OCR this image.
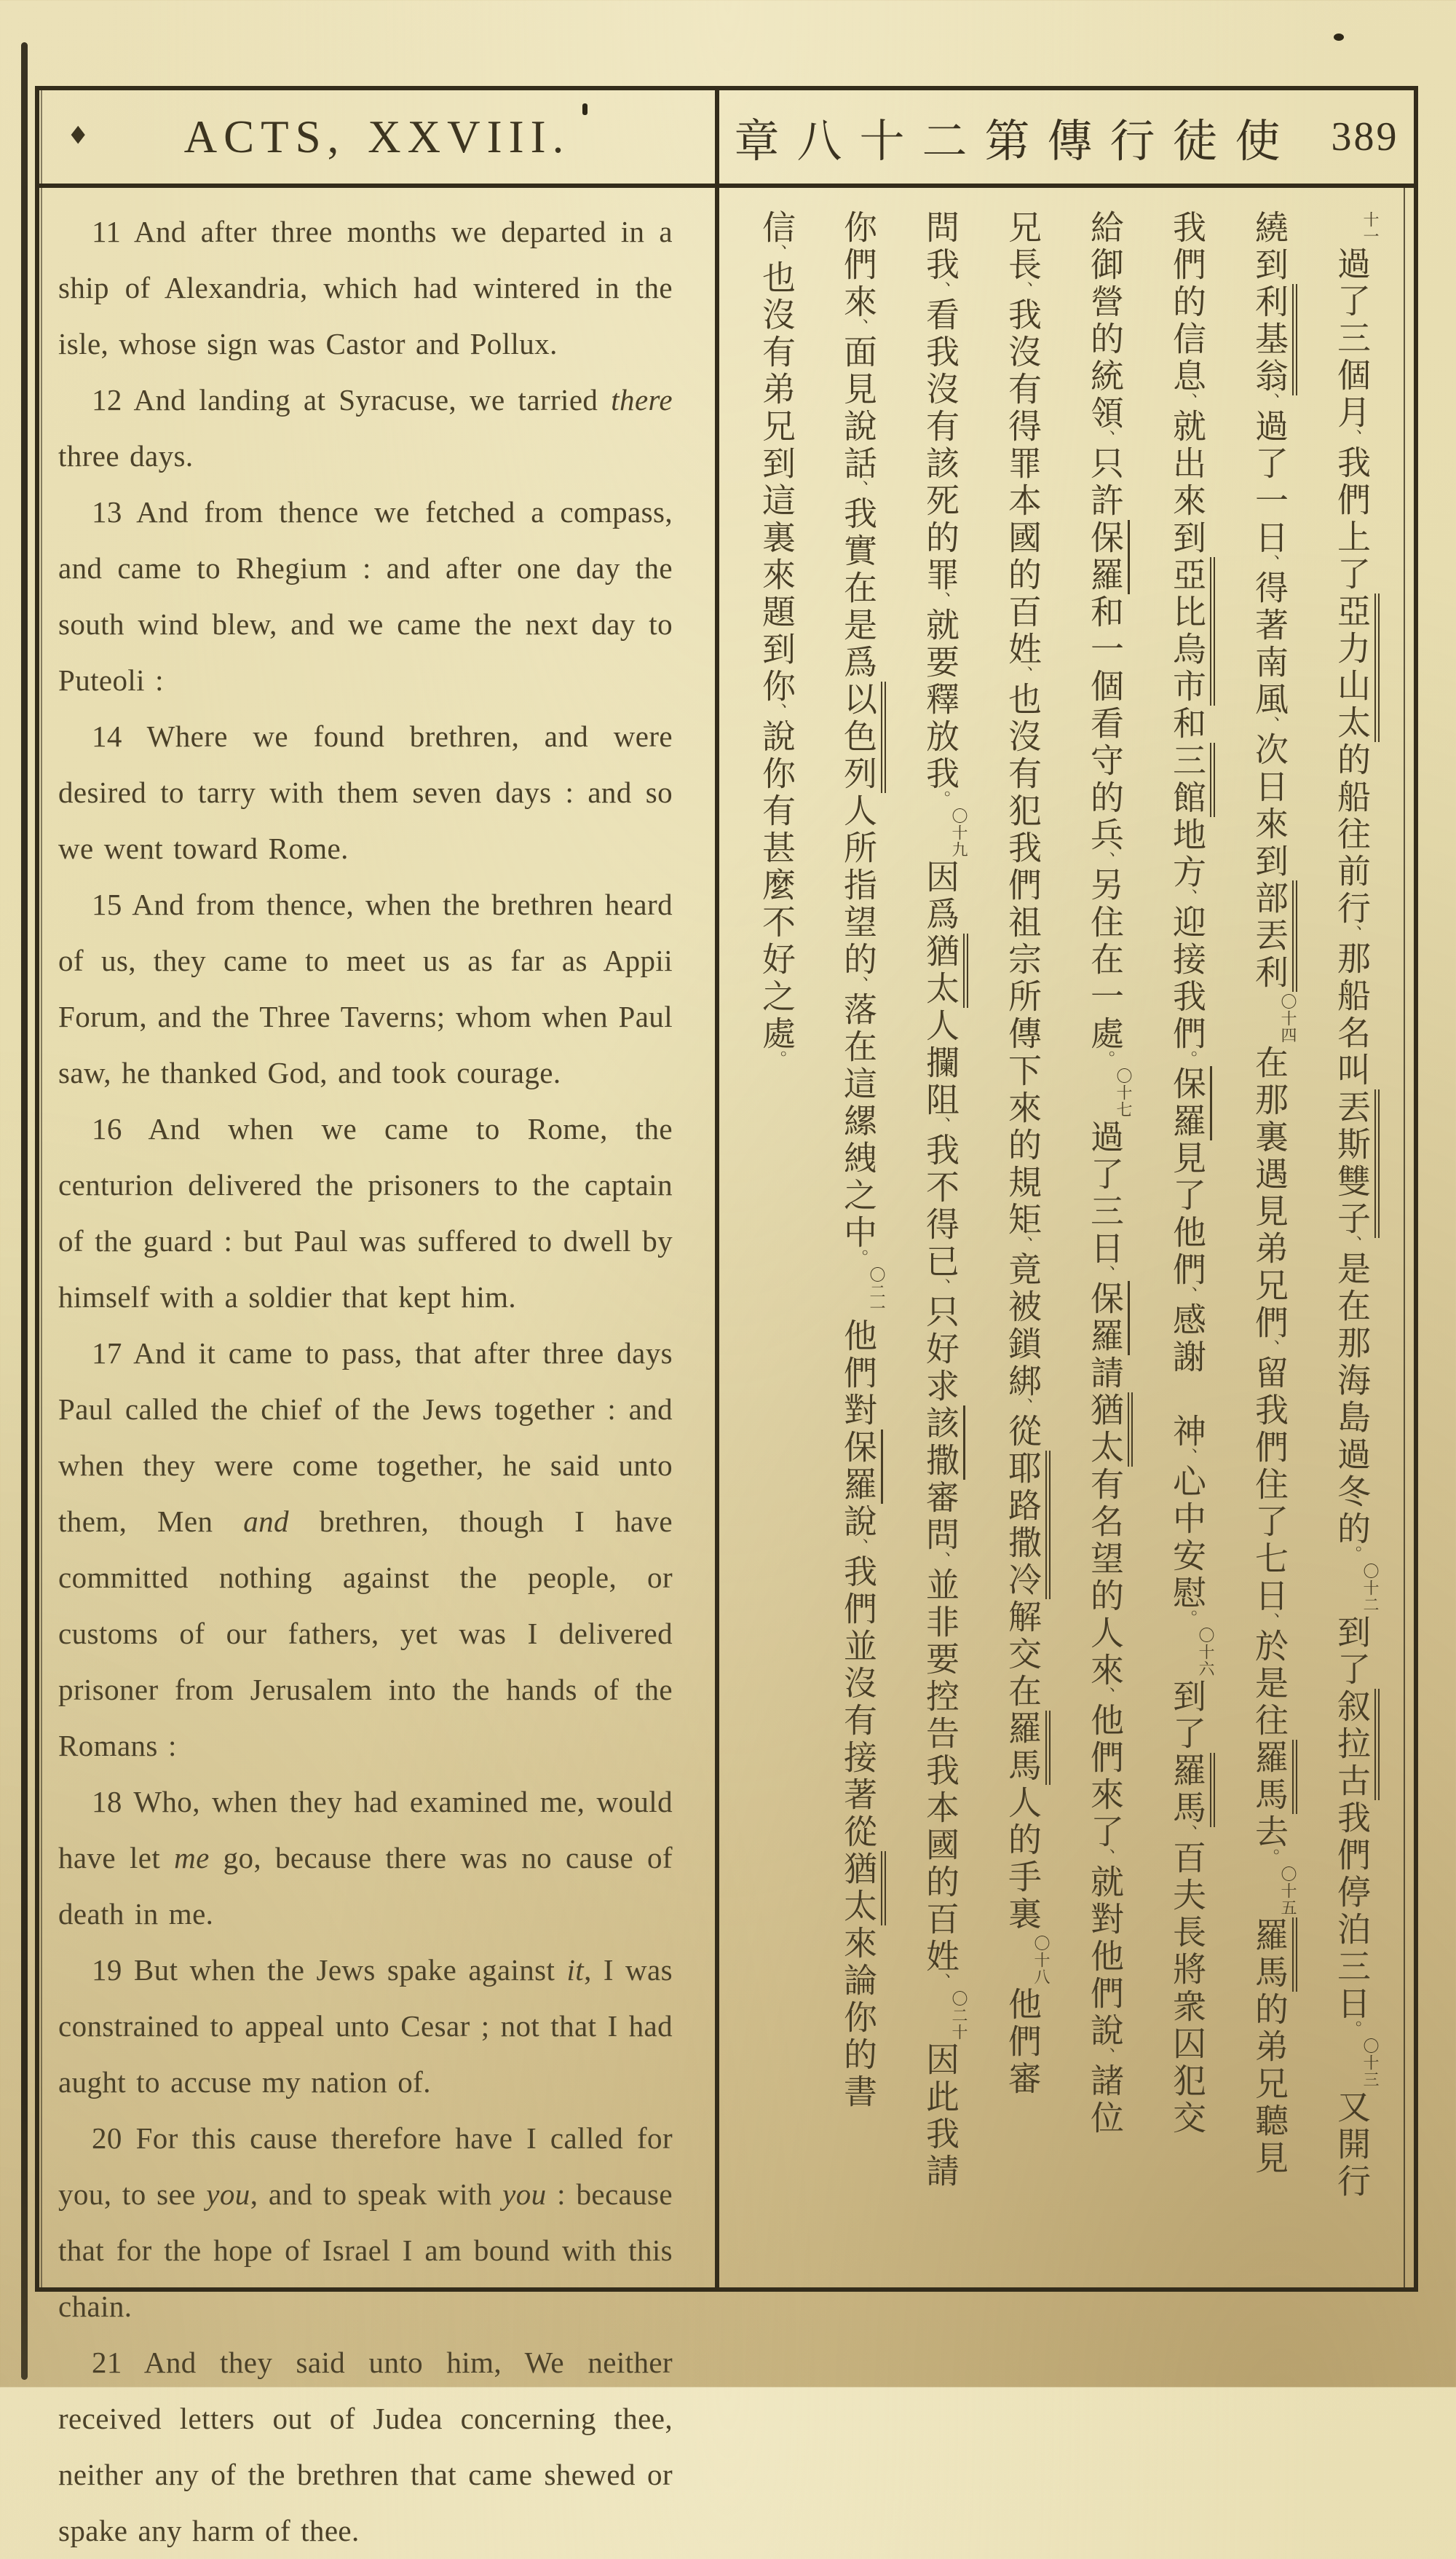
♦ ACTS, XXVIII.	章八十二第傳行徒使 389

11 And after three months we departed in a ship of Alexandria, which had wintered in the isle, whose sign was Castor and Pollux.

12 And landing at Syracuse, we tarried there three days.

13 And from thence we fetched a compass, and came to Rhegium : and after one day the south wind blew, and we came the next day to Puteoli :

14 Where we found brethren, and were desired to tarry with them seven days : and so we went toward Rome.

15 And from thence, when the brethren heard of us, they came to meet us as far as Appii Forum, and the Three Taverns; whom when Paul saw, he thanked God, and took courage.

16 And when we came to Rome, the centurion delivered the prisoners to the captain of the guard : but Paul was suffered to dwell by himself with a soldier that kept him.

17 And it came to pass, that after three days Paul called the chief of the Jews together : and when they were come together, he said unto them, Men and brethren, though I have committed nothing against the people, or customs of our fathers, yet was I delivered prisoner from Jerusalem into the hands of the Romans :

18 Who, when they had examined me, would have let me go, because there was no cause of death in me.

19 But when the Jews spake against it, I was constrained to appeal unto Cesar ; not that I had aught to accuse my nation of.

20 For this cause therefore have I called for you, to see you, and to speak with you : because that for the hope of Israel I am bound with this chain.

21 And they said unto him, We neither received letters out of Judea concerning thee, neither any of the brethren that came shewed or spake any harm of thee.

十一過了三個月、我們上了亞力山太的船往前行、那船名叫丟斯雙子、是在那海島過冬的。〇十二到了叙拉古我們停泊三日。〇十三又開行
繞到利基翁、過了一日、得著南風、次日來到部丟利〇十四在那裏遇見弟兄們、留我們住了七日、於是往羅馬去。〇十五羅馬的弟兄聽見
我們的信息、就出來到亞比烏市和三館地方、迎接我們。保羅見了他們、感謝　神、心中安慰。〇十六到了羅馬、百夫長將衆囚犯交
給御營的統領、只許保羅和一個看守的兵、另住在一處。〇十七過了三日、保羅請猶太有名望的人來、他們來了、就對他們說、諸位
兄長、我沒有得罪本國的百姓、也沒有犯我們祖宗所傳下來的規矩、竟被鎖綁、從耶路撒冷解交在羅馬人的手裏〇十八他們審
問我、看我沒有該死的罪、就要釋放我。〇十九因爲猶太人攔阻、我不得已、只好求該撒審問、並非要控告我本國的百姓、〇二十因此我請
你們來、面見說話、我實在是爲以色列人所指望的、落在這縲絏之中。〇二一他們對保羅說、我們並沒有接著從猶太來論你的書
信、也沒有弟兄到這裏來題到你、說你有甚麼不好之處。
